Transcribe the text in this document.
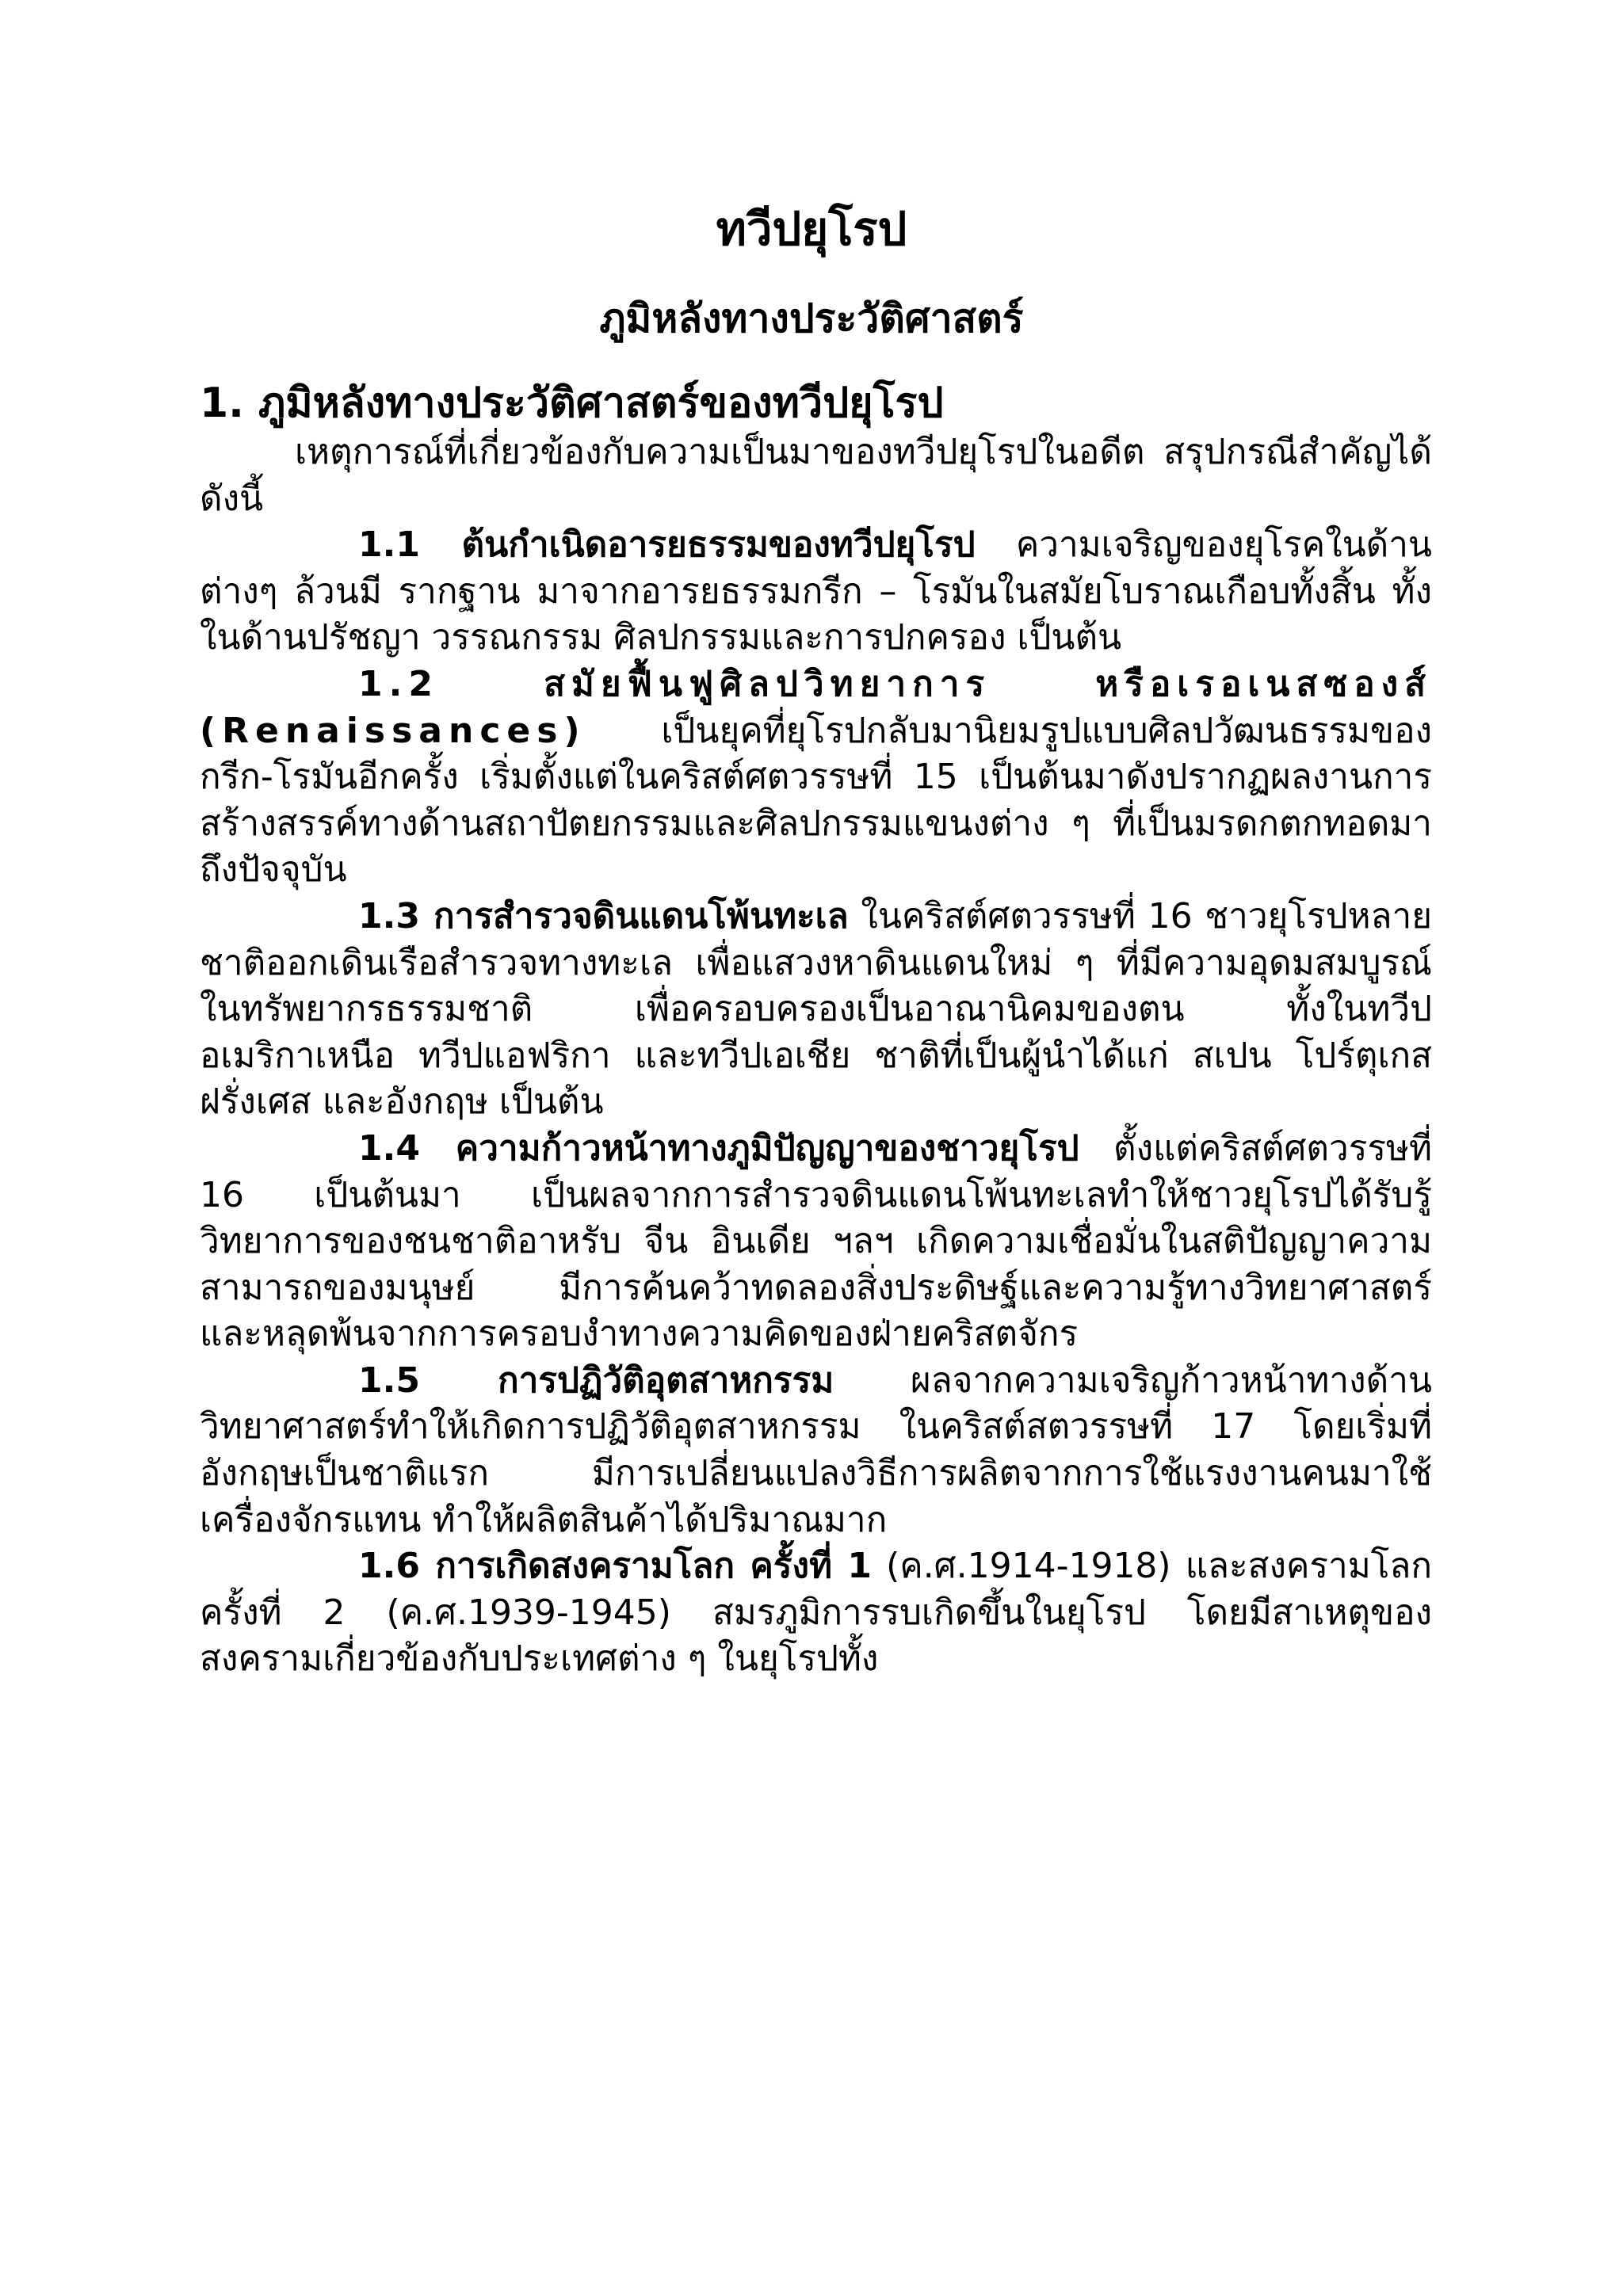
ทวีปยุโรป
ภูมิหลังทางประวัติศาสตร์

1. ภูมิหลังทางประวัติศาสตร์ของทวีปยุโรป

เหตุการณ์ที่เกี่ยวข้องกับความเป็นมาของทวีปยุโรปในอดีต สรุปกรณีสำคัญได้ ดังนี้

1.1 ต้นกำเนิดอารยธรรมของทวีปยุโรป ความเจริญของยุโรคในด้านต่างๆ ล้วนมี รากฐาน มาจากอารยธรรมกรีก – โรมันในสมัยโบราณเกือบทั้งสิ้น ทั้งในด้านปรัชญา วรรณกรรม ศิลปกรรมและการปกครอง เป็นต้น

1.2 สมัยฟื้นฟูศิลปวิทยาการ หรือเรอเนสซองส์ (Renaissances) เป็นยุคที่ยุโรปกลับมานิยมรูปแบบศิลปวัฒนธรรมของกรีก-โรมันอีกครั้ง เริ่มตั้งแต่ในคริสต์ศตวรรษที่ 15 เป็นต้นมาดังปรากฏผลงานการสร้างสรรค์ทางด้านสถาปัตยกรรมและศิลปกรรมแขนงต่าง ๆ ที่เป็นมรดกตกทอดมาถึงปัจจุบัน

1.3 การสำรวจดินแดนโพ้นทะเล ในคริสต์ศตวรรษที่ 16 ชาวยุโรปหลายชาติออกเดินเรือสำรวจทางทะเล เพื่อแสวงหาดินแดนใหม่ ๆ ที่มีความอุดมสมบูรณ์ในทรัพยากรธรรมชาติ เพื่อครอบครองเป็นอาณานิคมของตน ทั้งในทวีปอเมริกาเหนือ ทวีปแอฟริกา และทวีปเอเชีย ชาติที่เป็นผู้นำได้แก่ สเปน โปร์ตุเกส ฝรั่งเศส และอังกฤษ เป็นต้น

1.4 ความก้าวหน้าทางภูมิปัญญาของชาวยุโรป ตั้งแต่คริสต์ศตวรรษที่ 16 เป็นต้นมา เป็นผลจากการสำรวจดินแดนโพ้นทะเลทำให้ชาวยุโรปได้รับรู้วิทยาการของชนชาติอาหรับ จีน อินเดีย ฯลฯ เกิดความเชื่อมั่นในสติปัญญาความสามารถของมนุษย์ มีการค้นคว้าทดลองสิ่งประดิษฐ์และความรู้ทางวิทยาศาสตร์ และหลุดพ้นจากการครอบงำทางความคิดของฝ่ายคริสตจักร

1.5 การปฏิวัติอุตสาหกรรม ผลจากความเจริญก้าวหน้าทางด้านวิทยาศาสตร์ทำให้เกิดการปฏิวัติอุตสาหกรรม ในคริสต์สตวรรษที่ 17 โดยเริ่มที่อังกฤษเป็นชาติแรก มีการเปลี่ยนแปลงวิธีการผลิตจากการใช้แรงงานคนมาใช้เครื่องจักรแทน ทำให้ผลิตสินค้าได้ปริมาณมาก

1.6 การเกิดสงครามโลก ครั้งที่ 1 (ค.ศ.1914-1918) และสงครามโลก ครั้งที่ 2 (ค.ศ.1939-1945) สมรภูมิการรบเกิดขึ้นในยุโรป โดยมีสาเหตุของสงครามเกี่ยวข้องกับประเทศต่าง ๆ ในยุโรปทั้ง
